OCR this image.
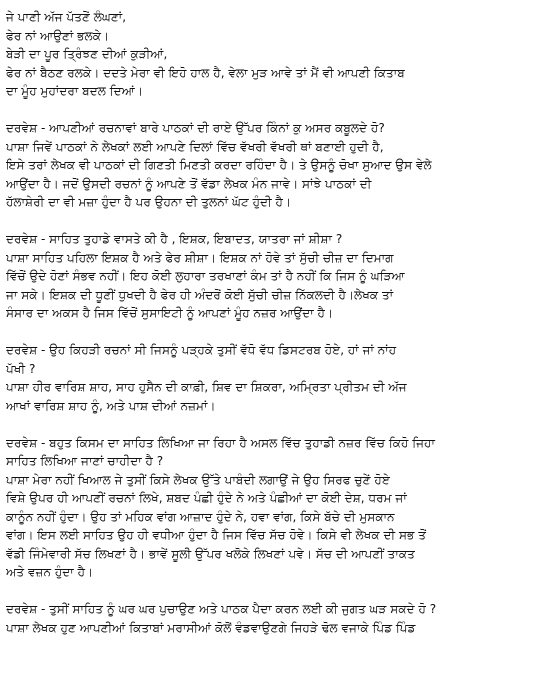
ਜੇ ਪਾਣੀ ਅੱਜ ਪੱਤਣੋਂ ਲੰਘਣਾਂ,
ਫੇਰ ਨਾਂ ਆਉਣਾਂ ਭਲਕੇ।
ਬੇੜੀ ਦਾ ਪੂਰ ਤ੍ਰਿੰਝਣ ਦੀਆਂ ਕੁੜੀਆਂ,
ਫੇਰ ਨਾਂ ਬੈਠਣ ਰਲਕੇ। ਦਦਤੇ ਮੇਰਾ ਵੀ ਇਹੋ ਹਾਲ ਹੈ, ਵੇਲਾ ਮੁੜ ਆਵੇ ਤਾਂ ਮੈਂ ਵੀ ਆਪਣੀ ਕਿਤਾਬ
ਦਾ ਮੂੰਹ ਮੁਹਾਂਦਰਾ ਬਦਲ ਦਿਆਂ।
ਦਰਵੇਸ਼ - ਆਪਣੀਆਂ ਰਚਨਾਵਾਂ ਬਾਰੇ ਪਾਠਕਾਂ ਦੀ ਰਾਏ ਉੱਪਰ ਕਿੰਨਾਂ ਕੁ ਅਸਰ ਕਬੂਲਦੇ ਹੋ?
ਪਾਸ਼ਾ ਜਿਵੇਂ ਪਾਠਕਾਂ ਨੇ ਲੇਖਕਾਂ ਲਈ ਆਪਣੇ ਦਿਲਾਂ ਵਿੱਚ ਵੱਖਰੀ ਵੱਖਰੀ ਥਾਂ ਬਣਾਈ ਹੁਦੀ ਹੈ,
ਇਸੇ ਤਰਾਂ ਲੇਖਕ ਵੀ ਪਾਠਕਾਂ ਦੀ ਗਿਣਤੀ ਮਿਣਤੀ ਕਰਦਾ ਰਹਿੰਦਾ ਹੈ। ਤੇ ਉਸਨੂੰ ਚੋਖਾ ਸੁਆਦ ਉਸ ਵੇਲੇ
ਆਉਂਦਾ ਹੈ। ਜਦੋਂ ਉਸਦੀ ਰਚਨਾਂ ਨੂੰ ਆਪਣੇ ਤੋਂ ਵੱਡਾ ਲੇਖਕ ਮੰਨ ਜਾਵੇ। ਸਾਂਝੇ ਪਾਠਕਾਂ ਦੀ
ਹੱਲਾਸ਼ੇਰੀ ਦਾ ਵੀ ਮਜ਼ਾ ਹੁੰਦਾ ਹੈ ਪਰ ਉਹਨਾ ਦੀ ਤੁਲਨਾਂ ਘੱਟ ਹੁੰਦੀ ਹੈ।
ਦਰਵੇਸ਼ - ਸਾਹਿਤ ਤੁਹਾਡੇ ਵਾਸਤੇ ਕੀ ਹੈ , ਇਸ਼ਕ, ਇਬਾਦਤ, ਯਾਤਰਾ ਜਾਂ ਸ਼ੀਸ਼ਾ ?
ਪਾਸ਼ਾ ਸਾਹਿਤ ਪਹਿਲਾ ਇਸ਼ਕ ਹੈ ਅਤੇ ਫੇਰ ਸ਼ੀਸ਼ਾ। ਇਸ਼ਕ ਨਾਂ ਹੋਵੇ ਤਾਂ ਸੁੱਚੀ ਚੀਜ਼ ਦਾ ਦਿਮਾਗ
ਵਿੱਚੋਂ ਉਦੇ ਹੋਣਾਂ ਸੰਭਵ ਨਹੀਂ। ਇਹ ਕੋਈ ਲੁਹਾਰਾ ਤਰਖਾਣਾਂ ਕੰਮ ਤਾਂ ਹੈ ਨਹੀਂ ਕਿ ਜਿਸ ਨੂੰ ਘੜਿਆ
ਜਾ ਸਕੇ। ਇਸ਼ਕ ਦੀ ਧੂਣੀਂ ਧੁਖਦੀ ਹੈ ਫੇਰ ਹੀ ਅੰਦਰੋਂ ਕੋਈ ਸੁੱਚੀ ਚੀਜ਼ ਨਿੱਕਲਦੀ ਹੈ।ਲੇਖਕ ਤਾਂ
ਸੰਸਾਰ ਦਾ ਅਕਸ ਹੈ ਜਿਸ ਵਿੱਚੋਂ ਸੁਸਾਇਟੀ ਨੂੰ ਆਪਣਾਂ ਮੂੰਹ ਨਜ਼ਰ ਆਉਂਦਾ ਹੈ।
ਦਰਵੇਸ਼ - ਉਹ ਕਿਹੜੀ ਰਚਨਾਂ ਸੀ ਜਿਸਨੂੰ ਪੜ੍ਹਕੇ ਤੁਸੀਂ ਵੱਧੋ ਵੱਧ ਡਿਸਟਰਬ ਹੋਏ, ਹਾਂ ਜਾਂ ਨਾਂਹ
ਪੱਖੀ ?
ਪਾਸ਼ਾ ਹੀਰ ਵਾਰਿਸ਼ ਸ਼ਾਹ, ਸਾਹ ਹੁਸੈਨ ਦੀ ਕਾਫ਼ੀ, ਸ਼ਿਵ ਦਾ ਸ਼ਿਕਰਾ, ਅਮ੍ਰਿਤਾ ਪ੍ਰੀਤਮ ਦੀ ਅੱਜ
ਆਖਾਂ ਵਾਰਿਸ਼ ਸ਼ਾਹ ਨੂੰ, ਅਤੇ ਪਾਸ਼ ਦੀਆਂ ਨਜ਼ਮਾਂ।
ਦਰਵੇਸ਼ - ਬਹੁਤ ਕਿਸਮ ਦਾ ਸਾਹਿਤ ਲਿਖਿਆ ਜਾ ਰਿਹਾ ਹੈ ਅਸਲ ਵਿੱਚ ਤੁਹਾਡੀ ਨਜ਼ਰ ਵਿੱਚ ਕਿਹੋ ਜਿਹਾ
ਸਾਹਿਤ ਲਿਖਿਆ ਜਾਣਾਂ ਚਾਹੀਦਾ ਹੈ ?
ਪਾਸ਼ਾ ਮੇਰਾ ਨਹੀਂ ਖਿਆਲ ਜੇ ਤੁਸੀਂ ਕਿਸੇ ਲੇਖਕ ਉੱਤੇ ਪਾਬੰਦੀ ਲਗਾਉਂ ਜੇ ਉਹ ਸਿਰਫ ਚੁਣੇਂ ਹੋਏ
ਵਿਸ਼ੇ ਉਪਰ ਹੀ ਆਪਣੀਂ ਰਚਨਾਂ ਲਿਖੇ, ਸ਼ਬਦ ਪੰਛੀ ਹੁੰਦੇ ਨੇ ਅਤੇ ਪੰਛੀਆਂ ਦਾ ਕੋਈ ਦੇਸ਼, ਧਰਮ ਜਾਂ
ਕਾਨੂੰਨ ਨਹੀਂ ਹੁੰਦਾ। ਉਹ ਤਾਂ ਮਹਿਕ ਵਾਂਗ ਆਜ਼ਾਦ ਹੁੰਦੇ ਨੇ, ਹਵਾ ਵਾਂਗ, ਕਿਸੇ ਬੱਚੇ ਦੀ ਮੁਸਕਾਨ
ਵਾਂਗ। ਇਸ ਲਈ ਸਾਹਿਤ ਉਹ ਹੀ ਵਧੀਆ ਹੁੰਦਾ ਹੈ ਜਿਸ ਵਿੱਚ ਸੱਚ ਹੋਵੇ। ਕਿਸੇ ਵੀ ਲੇਖਕ ਦੀ ਸਭ ਤੋਂ
ਵੱਡੀ ਜਿੰਮੇਵਾਰੀ ਸੱਚ ਲਿਖਣਾਂ ਹੈ। ਭਾਵੇਂ ਸੂਲੀ ਉੱਪਰ ਖਲੋਕੇ ਲਿਖਣਾਂ ਪਵੇ। ਸੱਚ ਦੀ ਆਪਣੀਂ ਤਾਕਤ
ਅਤੇ ਵਜ਼ਨ ਹੁੰਦਾ ਹੈ।
ਦਰਵੇਸ਼ - ਤੁਸੀਂ ਸਾਹਿਤ ਨੂੰ ਘਰ ਘਰ ਪੁਚਾਉਣ ਅਤੇ ਪਾਠਕ ਪੈਦਾ ਕਰਨ ਲਈ ਕੀ ਜੁਗਤ ਘੜ ਸਕਦੇ ਹੋ ?
ਪਾਸ਼ਾ ਲੇਖਕ ਹੁਣ ਆਪਣੀਆਂ ਕਿਤਾਬਾਂ ਮਰਾਸੀਆਂ ਕੋਲੋਂ ਵੰਡਵਾਉਣਗੇ ਜਿਹੜੇ ਢੋਲ ਵਜਾਕੇ ਪਿੰਡ ਪਿੰਡ
